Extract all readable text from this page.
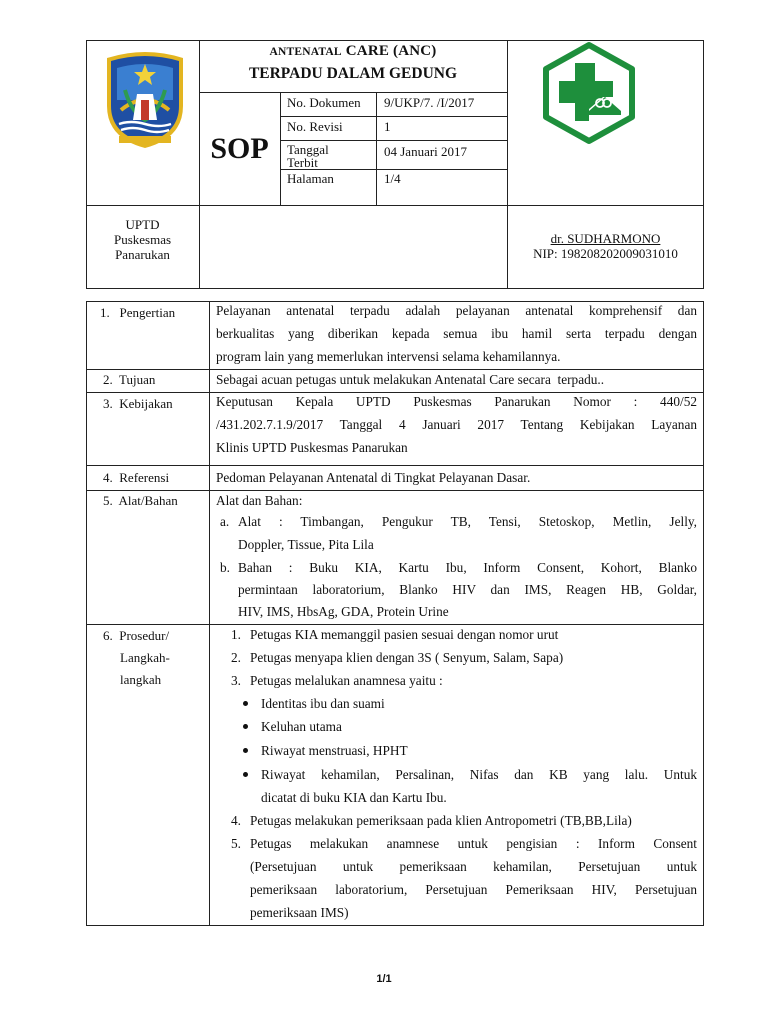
ANTENATAL CARE (ANC)
TERPADU DALAM GEDUNG
SOP
No. Dokumen 9/UKP/7. /I/2017
No. Revisi	1
Tanggal
Terbit
04 Januari 2017
Halaman	1/4
UPTD
Puskesmas
Panarukan
dr. SUDHARMONO
NIP: 198208202009031010
1.   Pengertian	Pelayanan antenatal terpadu adalah pelayanan antenatal komprehensif dan
berkualitas yang diberikan kepada semua ibu hamil serta terpadu dengan
program lain yang memerlukan intervensi selama kehamilannya.
2.  Tujuan	Sebagai acuan petugas untuk melakukan Antenatal Care secara  terpadu..
3.  Kebijakan	Keputusan Kepala UPTD Puskesmas Panarukan Nomor : 440/52
/431.202.7.1.9/2017 Tanggal 4 Januari 2017 Tentang Kebijakan Layanan
Klinis UPTD Puskesmas Panarukan
4.  Referensi	Pedoman Pelayanan Antenatal di Tingkat Pelayanan Dasar.
5.  Alat/Bahan	Alat dan Bahan:
a. Alat : Timbangan, Pengukur TB, Tensi, Stetoskop, Metlin, Jelly,
Doppler, Tissue, Pita Lila
b. Bahan : Buku KIA, Kartu Ibu, Inform Consent, Kohort, Blanko
permintaan laboratorium, Blanko HIV dan IMS, Reagen HB, Goldar,
HIV, IMS, HbsAg, GDA, Protein Urine
6.  Prosedur/
Langkah-
langkah
1. Petugas KIA memanggil pasien sesuai dengan nomor urut
2. Petugas menyapa klien dengan 3S ( Senyum, Salam, Sapa)
3. Petugas melalukan anamnesa yaitu :
Identitas ibu dan suami
Keluhan utama
Riwayat menstruasi, HPHT
Riwayat kehamilan, Persalinan, Nifas dan KB yang lalu. Untuk
dicatat di buku KIA dan Kartu Ibu.
4. Petugas melakukan pemeriksaan pada klien Antropometri (TB,BB,Lila)
5. Petugas melakukan anamnese untuk pengisian : Inform Consent
(Persetujuan untuk pemeriksaan kehamilan, Persetujuan untuk
pemeriksaan laboratorium, Persetujuan Pemeriksaan HIV, Persetujuan
pemeriksaan IMS)
1/1
